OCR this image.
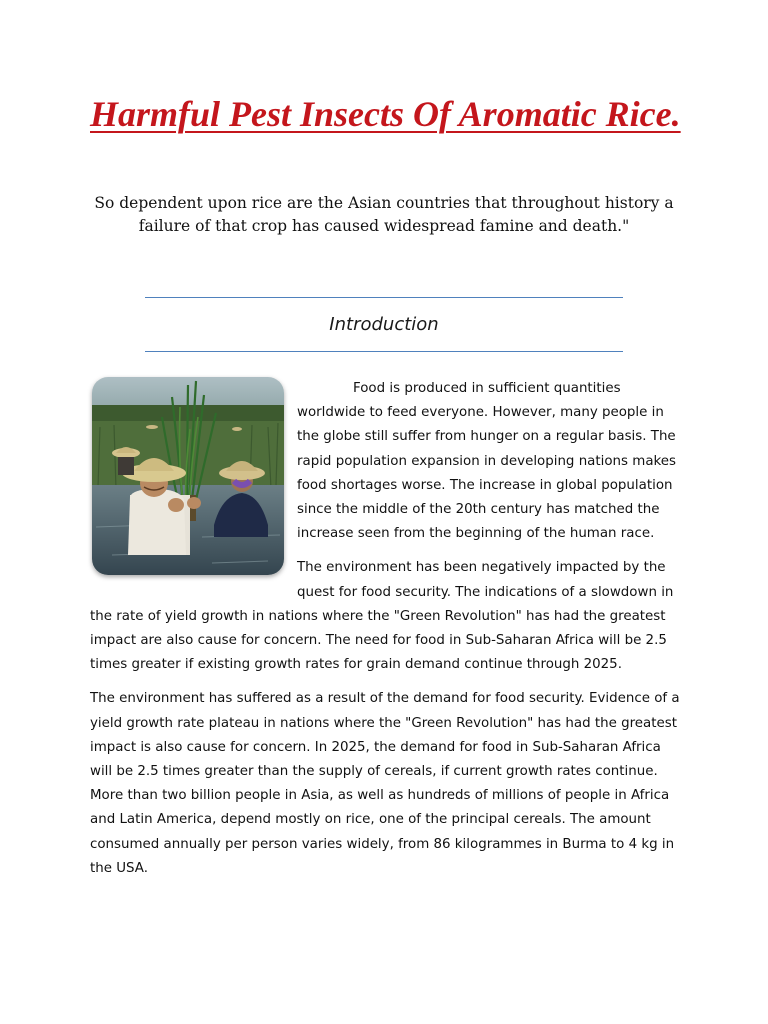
Harmful Pest Insects Of Aromatic Rice.

So dependent upon rice are the Asian countries that throughout history a failure of that crop has caused widespread famine and death."

Introduction

Food is produced in sufficient quantities worldwide to feed everyone. However, many people in the globe still suffer from hunger on a regular basis. The rapid population expansion in developing nations makes food shortages worse. The increase in global population since the middle of the 20th century has matched the increase seen from the beginning of the human race.

The environment has been negatively impacted by the quest for food security. The indications of a slowdown in the rate of yield growth in nations where the "Green Revolution" has had the greatest impact are also cause for concern. The need for food in Sub-Saharan Africa will be 2.5 times greater if existing growth rates for grain demand continue through 2025.

The environment has suffered as a result of the demand for food security. Evidence of a yield growth rate plateau in nations where the "Green Revolution" has had the greatest impact is also cause for concern. In 2025, the demand for food in Sub-Saharan Africa will be 2.5 times greater than the supply of cereals, if current growth rates continue. More than two billion people in Asia, as well as hundreds of millions of people in Africa and Latin America, depend mostly on rice, one of the principal cereals. The amount consumed annually per person varies widely, from 86 kilogrammes in Burma to 4 kg in the USA.
